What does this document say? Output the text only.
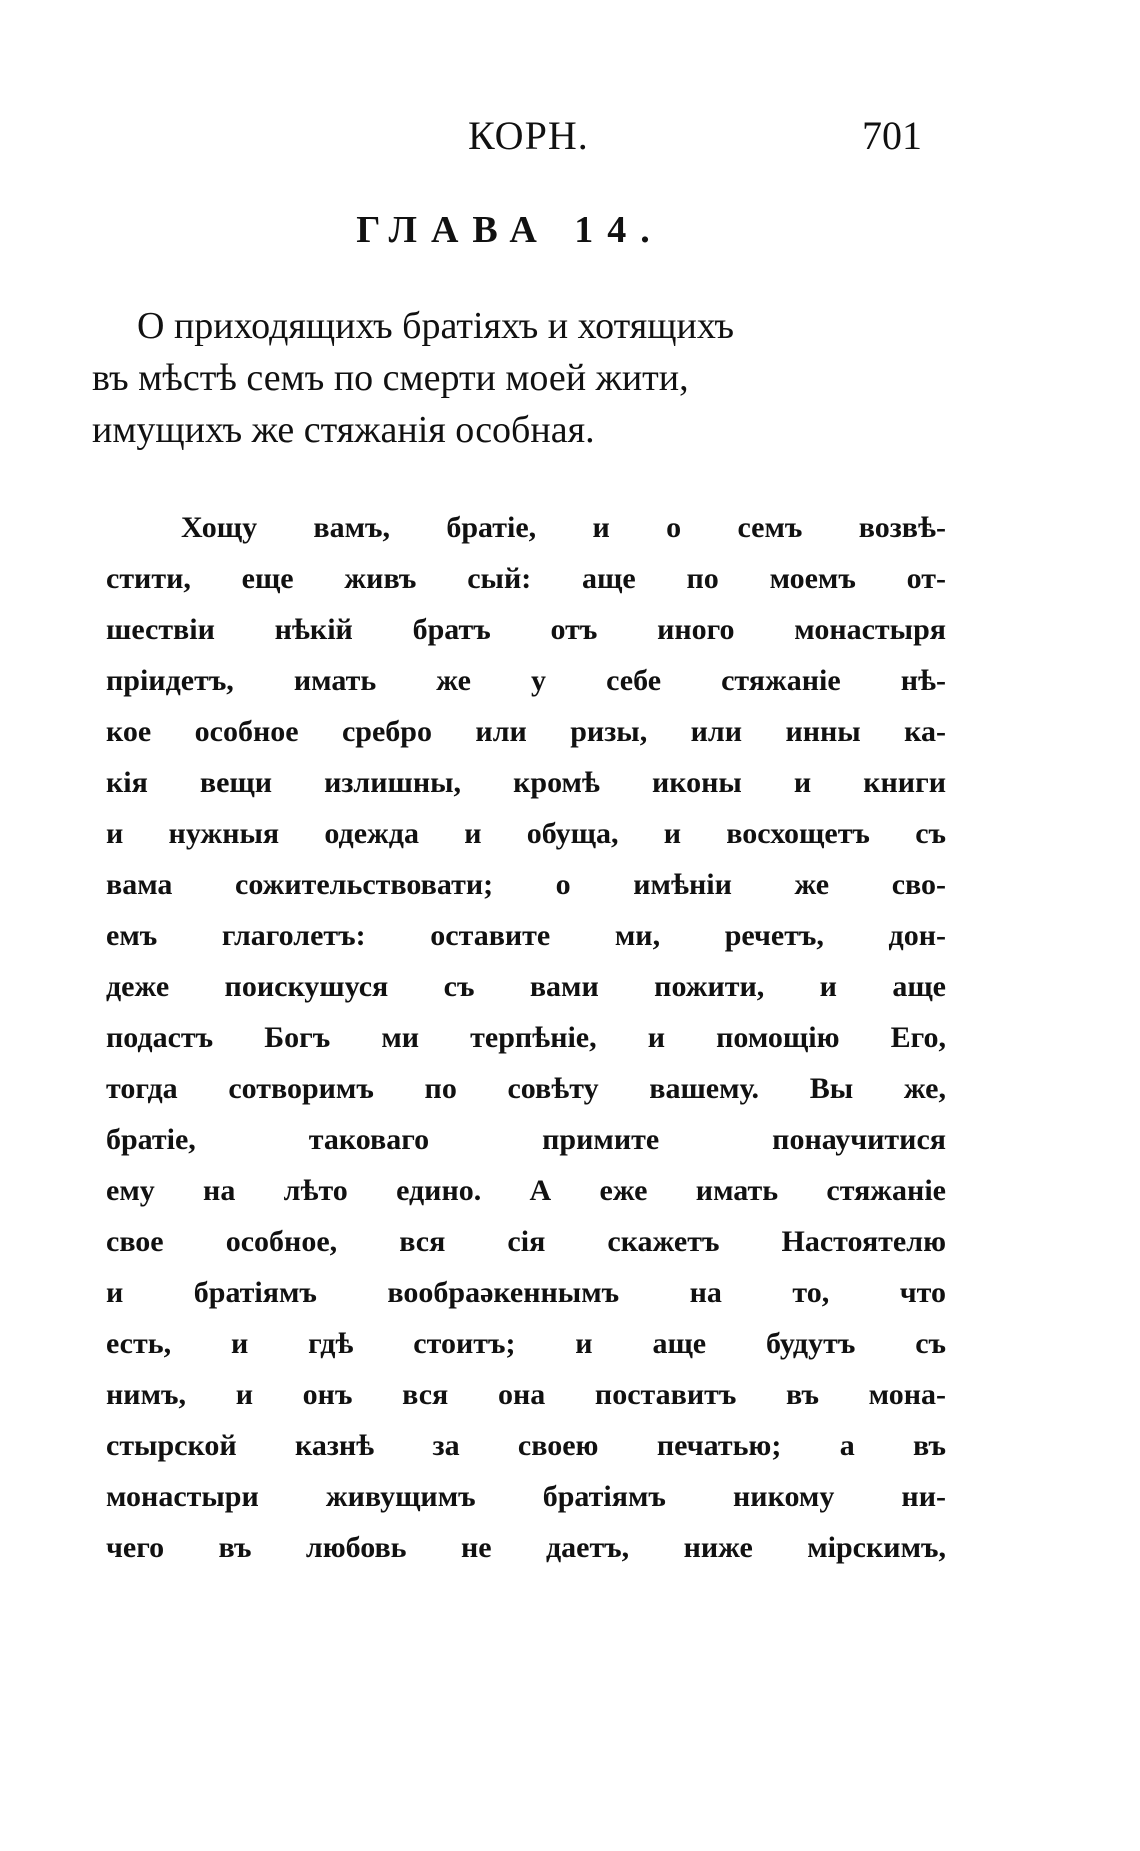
КОРН.	701
ГЛАВА 14.
О приходящихъ братіяхъ и хотящихъ
въ мѣстѣ семъ по смерти моей жити,
имущихъ же стяжанія особная.
Хощу вамъ, братіе, и о семъ возвѣ-
стити, еще живъ сый: аще по моемъ от-
шествіи нѣкій братъ отъ иного монастыря
пріидетъ, имать же у себе стяжаніе нѣ-
кое особное сребро или ризы, или инны ка-
кія вещи излишны, кромѣ иконы и книги
и нужныя одежда и обуща, и восхощетъ съ
вама сожительствовати; о имѣніи же сво-
емъ глаголетъ: оставите ми, речетъ, дон-
деже поискушуся съ вами пожити, и аще
подастъ Богъ ми терпѣніе, и помощію Его,
тогда сотворимъ по совѣту вашему. Вы же,
братіе, таковаго примите понаучитися
ему на лѣто едино. А еже имать стяжаніе
свое особное, вся сія скажетъ Настоятелю
и братіямъ вообраәкеннымъ на то, что
есть, и гдѣ стоитъ; и аще будутъ съ
нимъ, и онъ вся она поставитъ въ мона-
стырской казнѣ за своею печатью; а въ
монастыри живущимъ братіямъ никому ни-
чего въ любовь не даетъ, ниже мірскимъ,
